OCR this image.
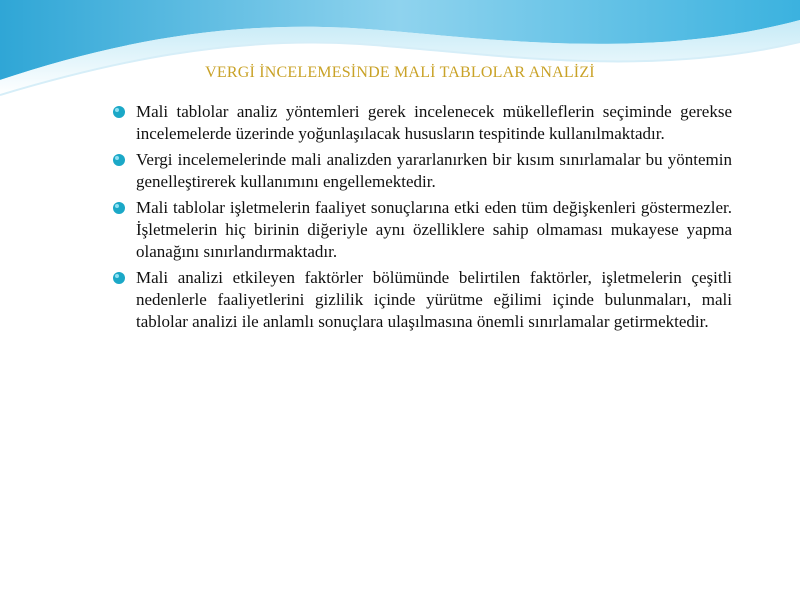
VERGİ İNCELEMESİNDE MALİ TABLOLAR ANALİZİ
Mali tablolar analiz yöntemleri gerek incelenecek mükelleflerin seçiminde gerekse incelemelerde üzerinde yoğunlaşılacak hususların tespitinde kullanılmaktadır.
Vergi incelemelerinde mali analizden yararlanırken bir kısım sınırlamalar bu yöntemin genelleştirerek kullanımını engellemektedir.
Mali tablolar işletmelerin faaliyet sonuçlarına etki eden tüm değişkenleri göstermezler. İşletmelerin hiç birinin diğeriyle aynı özelliklere sahip olmaması mukayese yapma olanağını sınırlandırmaktadır.
Mali analizi etkileyen faktörler bölümünde belirtilen faktörler, işletmelerin çeşitli nedenlerle faaliyetlerini gizlilik içinde yürütme eğilimi içinde bulunmaları, mali tablolar analizi ile anlamlı sonuçlara ulaşılmasına önemli sınırlamalar getirmektedir.
